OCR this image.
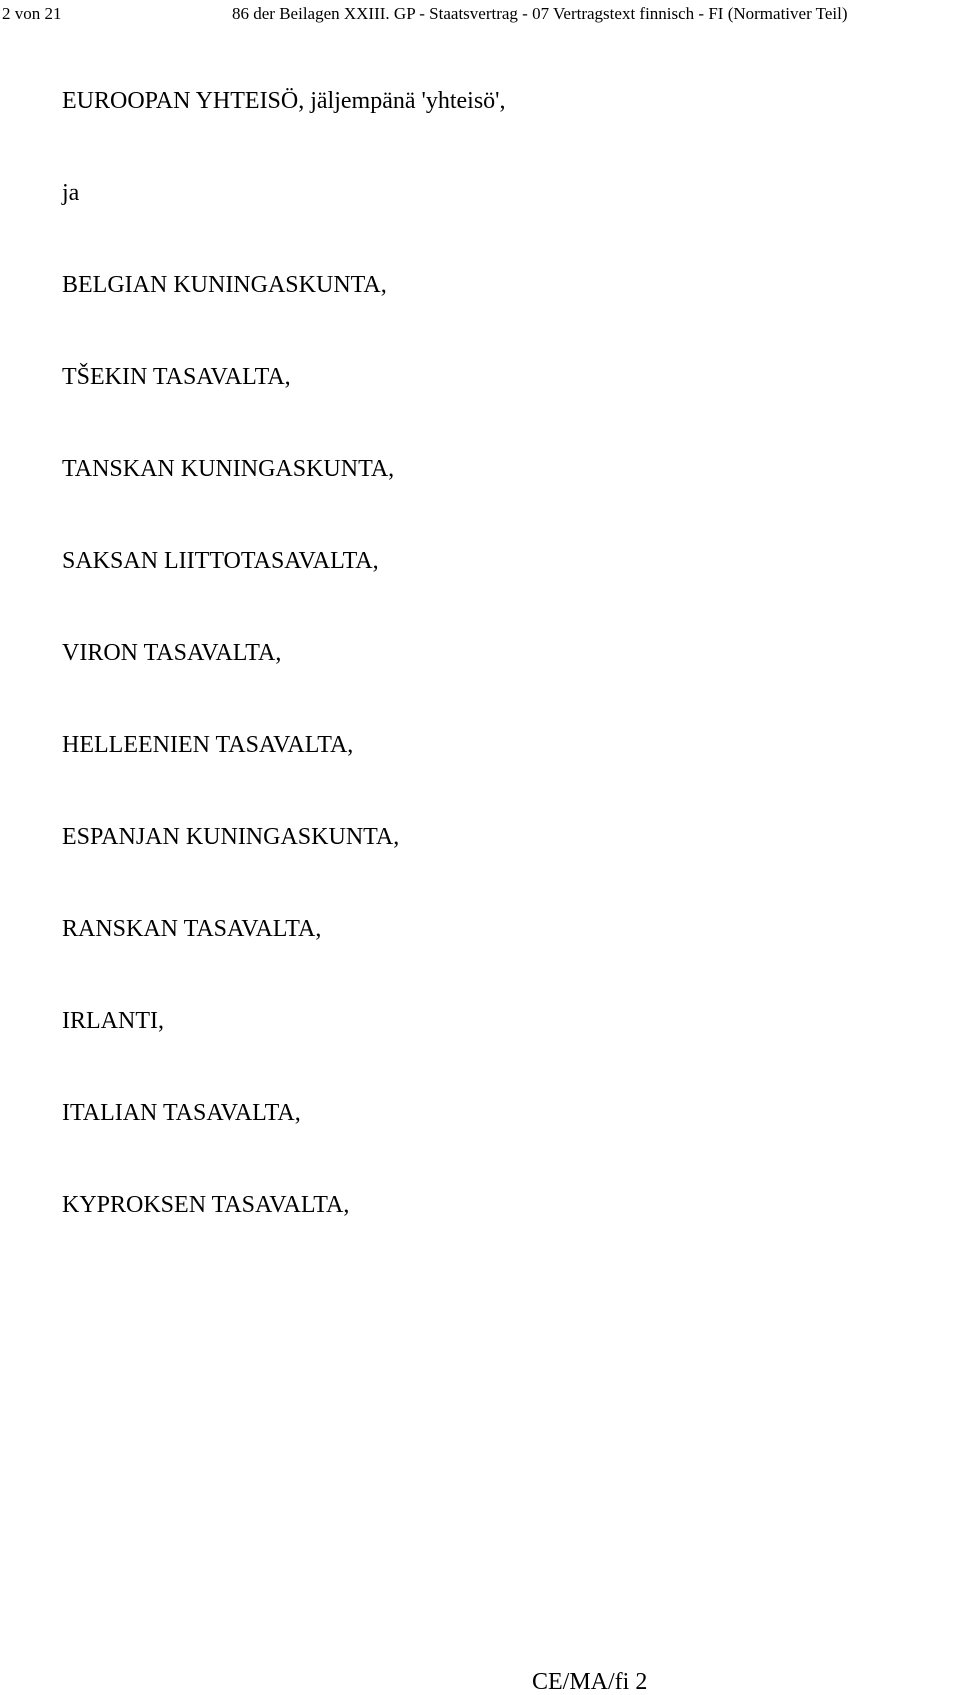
2 von 21	86 der Beilagen XXIII. GP - Staatsvertrag - 07 Vertragstext finnisch - FI (Normativer Teil)
EUROOPAN YHTEISÖ, jäljempänä 'yhteisö',
ja
BELGIAN KUNINGASKUNTA,
TŠEKIN TASAVALTA,
TANSKAN KUNINGASKUNTA,
SAKSAN LIITTOTASAVALTA,
VIRON TASAVALTA,
HELLEENIEN TASAVALTA,
ESPANJAN KUNINGASKUNTA,
RANSKAN TASAVALTA,
IRLANTI,
ITALIAN TASAVALTA,
KYPROKSEN TASAVALTA,
CE/MA/fi 2
